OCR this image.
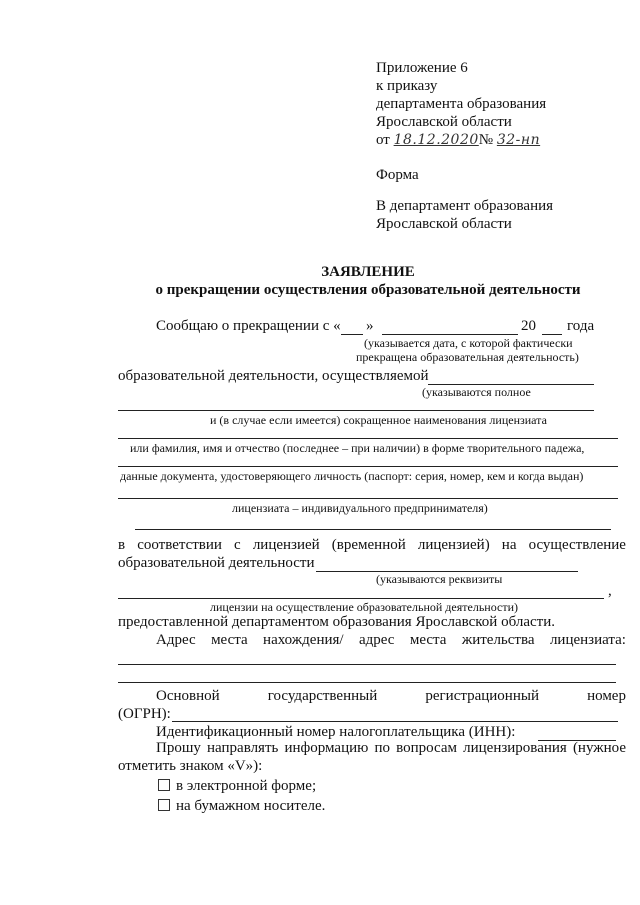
Приложение 6
к приказу
департамента образования
Ярославской области
от 18.12.2020№ 32-нп
Форма
В департамент образования
Ярославской области
ЗАЯВЛЕНИЕ
о прекращении осуществления образовательной деятельности
Сообщаю о прекращении с « »	20 года
(указывается дата, с которой фактически
прекращена образовательная деятельность)
образовательной деятельности, осуществляемой
(указываются полное
и (в случае если имеется) сокращенное наименования лицензиата
или фамилия, имя и отчество (последнее – при наличии) в форме творительного падежа,
данные документа, удостоверяющего личность (паспорт: серия, номер, кем и когда выдан)
лицензиата – индивидуального предпринимателя)
в соответствии с лицензией (временной лицензией) на осуществление
образовательной деятельности
(указываются реквизиты
,
лицензии на осуществление образовательной деятельности)
предоставленной департаментом образования Ярославской области.
Адрес места нахождения/ адрес места жительства лицензиата:
Основной	государственный	регистрационный	номер
(ОГРН):
Идентификационный номер налогоплательщика (ИНН):
Прошу направлять информацию по вопросам лицензирования (нужное
отметить знаком «V»):
в электронной форме;
на бумажном носителе.
